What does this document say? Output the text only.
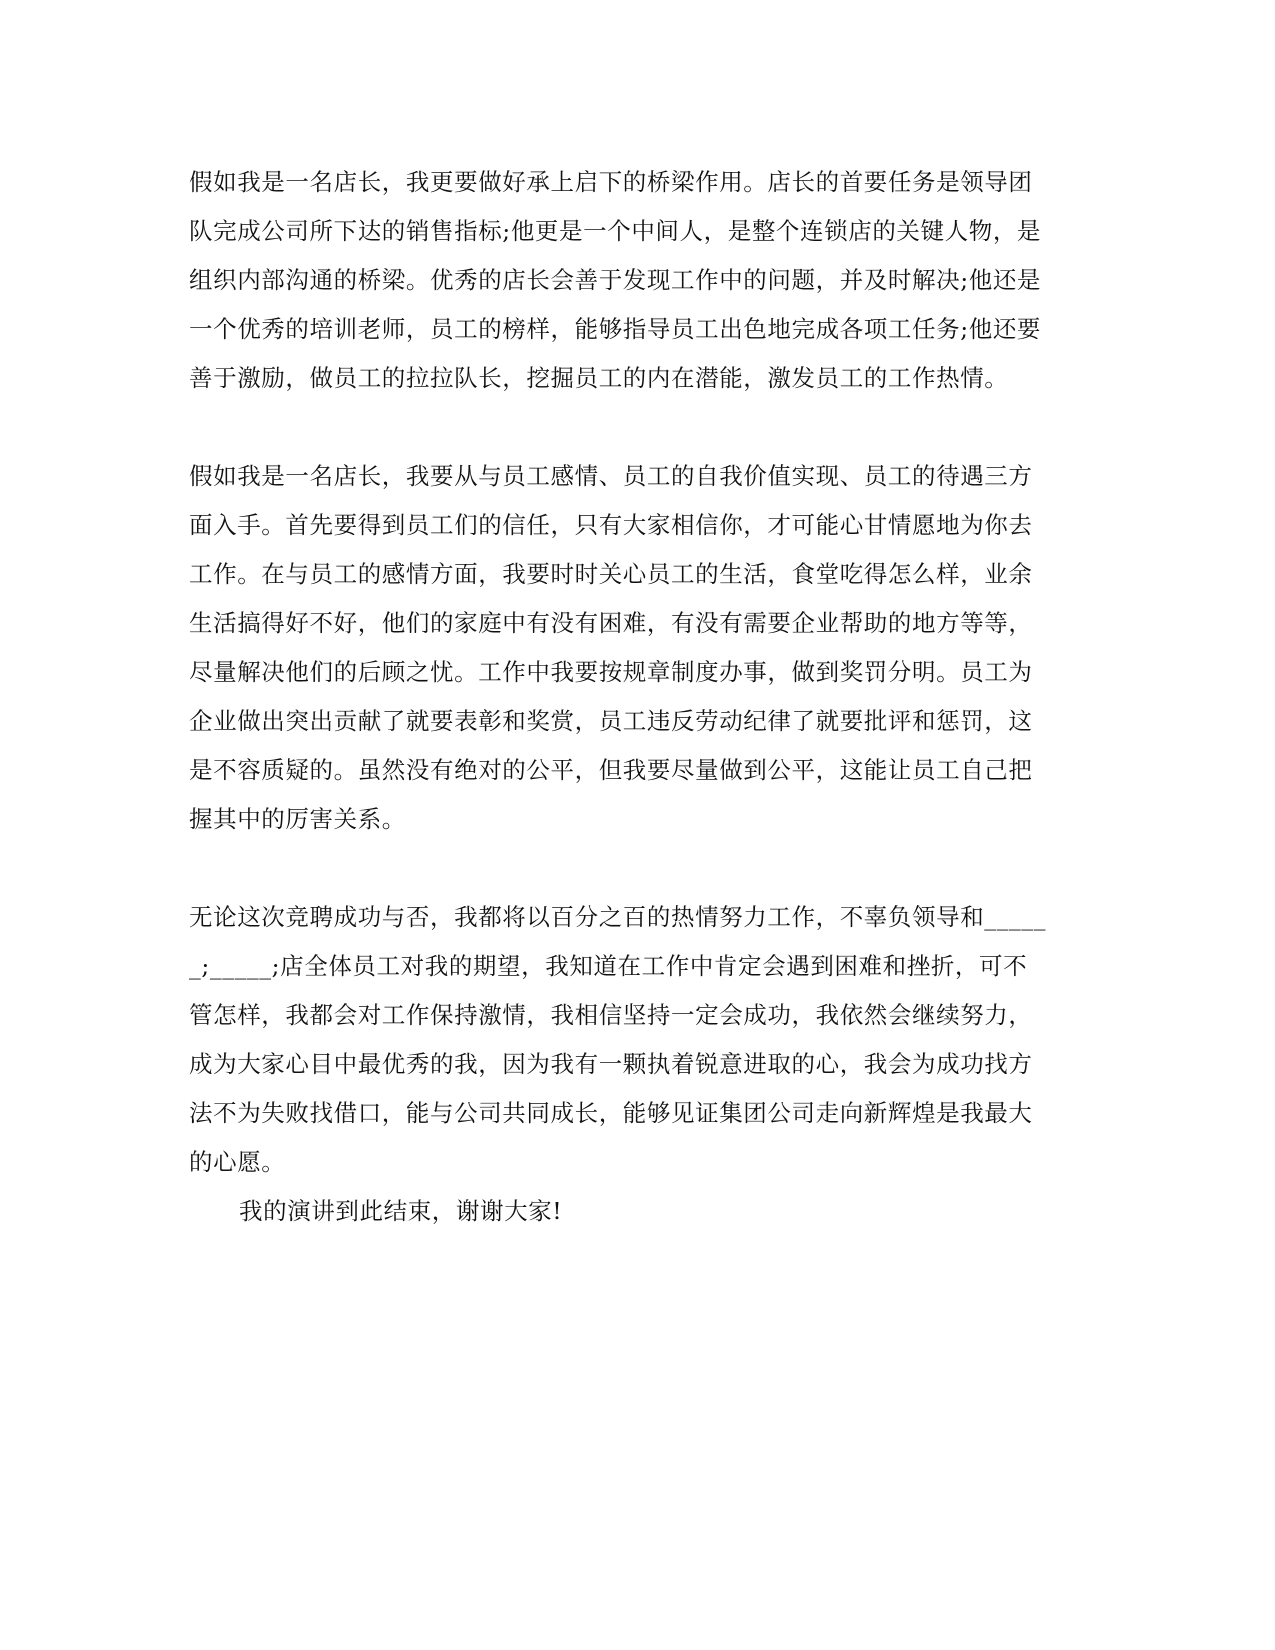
假如我是一名店长，我更要做好承上启下的桥梁作用。店长的首要任务是领导团
队完成公司所下达的销售指标;他更是一个中间人，是整个连锁店的关键人物，是
组织内部沟通的桥梁。优秀的店长会善于发现工作中的问题，并及时解决;他还是
一个优秀的培训老师，员工的榜样，能够指导员工出色地完成各项工任务;他还要
善于激励，做员工的拉拉队长，挖掘员工的内在潜能，激发员工的工作热情。

假如我是一名店长，我要从与员工感情、员工的自我价值实现、员工的待遇三方
面入手。首先要得到员工们的信任，只有大家相信你，才可能心甘情愿地为你去
工作。在与员工的感情方面，我要时时关心员工的生活，食堂吃得怎么样，业余
生活搞得好不好，他们的家庭中有没有困难，有没有需要企业帮助的地方等等，
尽量解决他们的后顾之忧。工作中我要按规章制度办事，做到奖罚分明。员工为
企业做出突出贡献了就要表彰和奖赏，员工违反劳动纪律了就要批评和惩罚，这
是不容质疑的。虽然没有绝对的公平，但我要尽量做到公平，这能让员工自己把
握其中的厉害关系。

无论这次竞聘成功与否，我都将以百分之百的热情努力工作，不辜负领导和_____
_;_____;店全体员工对我的期望，我知道在工作中肯定会遇到困难和挫折，可不
管怎样，我都会对工作保持激情，我相信坚持一定会成功，我依然会继续努力，
成为大家心目中最优秀的我，因为我有一颗执着锐意进取的心，我会为成功找方
法不为失败找借口，能与公司共同成长，能够见证集团公司走向新辉煌是我最大
的心愿。

我的演讲到此结束，谢谢大家!
